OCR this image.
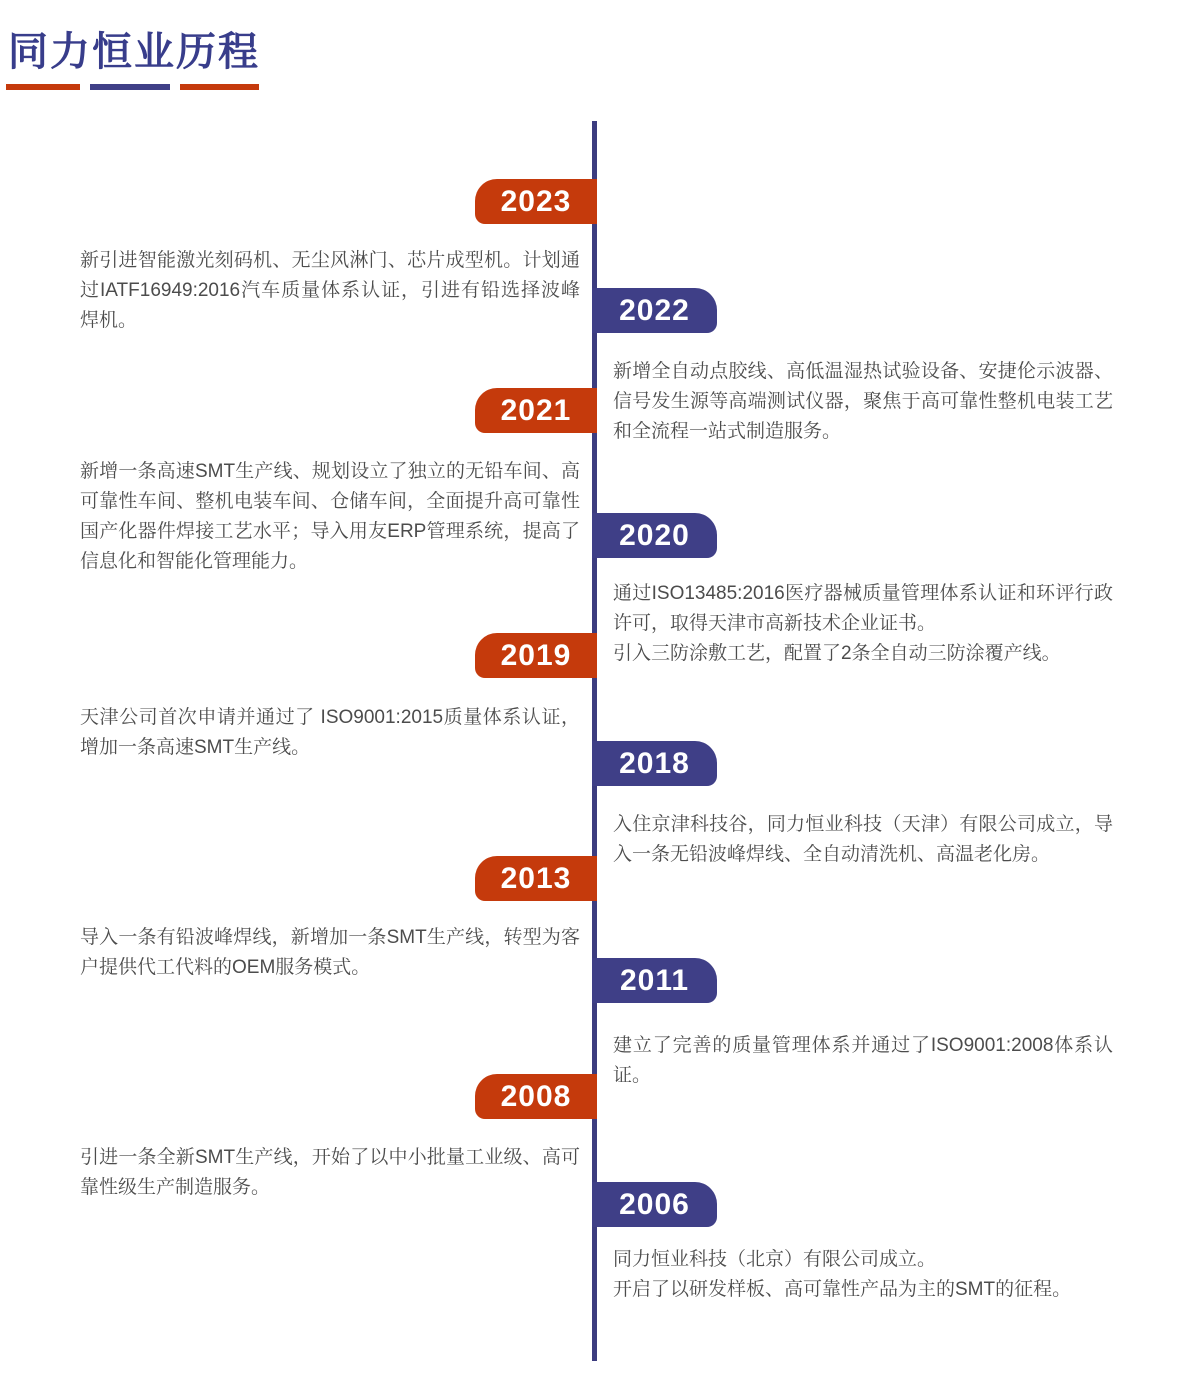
同力恒业历程
2023

新引进智能激光刻码机、无尘风淋门、芯片成型机。计划通过IATF16949:2016汽车质量体系认证，引进有铅选择波峰焊机。	2022

新增全自动点胶线、高低温湿热试验设备、安捷伦示波器、信号发生源等高端测试仪器，聚焦于高可靠性整机电装工艺和全流程一站式制造服务。

2021

新增一条高速SMT生产线、规划设立了独立的无铅车间、高可靠性车间、整机电装车间、仓储车间，全面提升高可靠性国产化器件焊接工艺水平；导入用友ERP管理系统，提高了信息化和智能化管理能力。

2020

通过ISO13485:2016医疗器械质量管理体系认证和环评行政许可，取得天津市高新技术企业证书。

引入三防涂敷工艺，配置了2条全自动三防涂覆产线。

2019

天津公司首次申请并通过了 ISO9001:2015质量体系认证，增加一条高速SMT生产线。	2018

入住京津科技谷，同力恒业科技（天津）有限公司成立，导入一条无铅波峰焊线、全自动清洗机、高温老化房。

2013

导入一条有铅波峰焊线，新增加一条SMT生产线，转型为客户提供代工代料的OEM服务模式。	2011

建立了完善的质量管理体系并通过了ISO9001:2008体系认证。

2008

引进一条全新SMT生产线，开始了以中小批量工业级、高可靠性级生产制造服务。	2006

同力恒业科技（北京）有限公司成立。

开启了以研发样板、高可靠性产品为主的SMT的征程。
